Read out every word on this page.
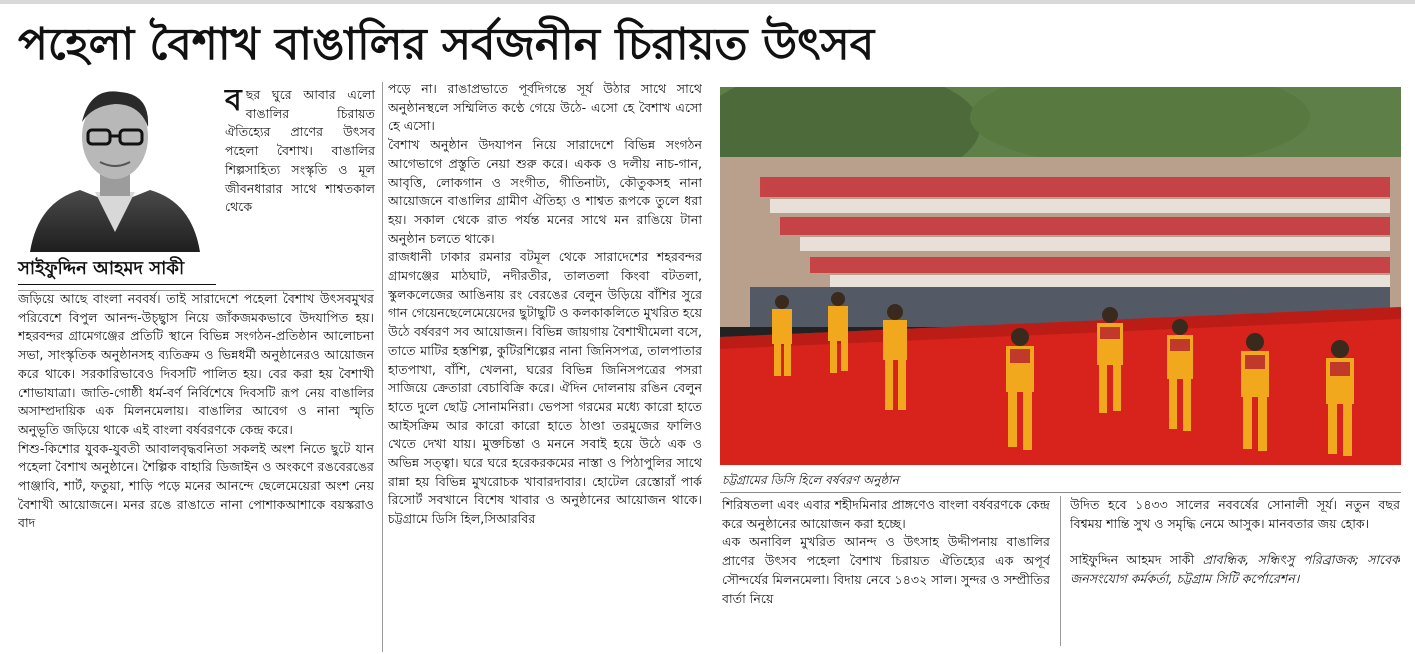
পহেলা বৈশাখ বাঙালির সর্বজনীন চিরায়ত উৎসব
সাইফুদ্দিন আহমদ সাকী
ব ছর ঘুরে আবার এলো বাঙালির চিরায়ত ঐতিহ্যের প্রাণের উৎসব পহেলা বৈশাখ। বাঙালির শিল্পসাহিত্য সংস্কৃতি ও মূল জীবনধারার সাথে শাশ্বতকাল থেকে

জড়িয়ে আছে বাংলা নববর্ষ। তাই সারাদেশে পহেলা বৈশাখ উৎসবমুখর পরিবেশে বিপুল আনন্দ-উচ্ছ্বাস নিয়ে জাঁকজমকভাবে উদযাপিত হয়। শহরবন্দর গ্রামেগঞ্জের প্রতিটি স্থানে বিভিন্ন সংগঠন-প্রতিষ্ঠান আলোচনা সভা, সাংস্কৃতিক অনুষ্ঠানসহ ব্যতিক্রম ও ভিন্নধর্মী অনুষ্ঠানেরও আয়োজন করে থাকে। সরকারিভাবেও দিবসটি পালিত হয়। বের করা হয় বৈশাখী শোভাযাত্রা। জাতি-গোষ্ঠী ধর্ম-বর্ণ নির্বিশেষে দিবসটি রূপ নেয় বাঙালির অসাম্প্রদায়িক এক মিলনমেলায়। বাঙালির আবেগ ও নানা স্মৃতি অনুভূতি জড়িয়ে থাকে এই বাংলা বর্ষবরণকে কেন্দ্র করে।

শিশু-কিশোর যুবক-যুবতী আবালবৃদ্ধবনিতা সকলই অংশ নিতে ছুটে যান পহেলা বৈশাখ অনুষ্ঠানে। শৈল্পিক বাহারি ডিজাইন ও অংকণে রঙবেরঙের পাঞ্জাবি, শার্ট, ফতুয়া, শাড়ি পড়ে মনের আনন্দে ছেলেমেয়েরা অংশ নেয় বৈশাখী আয়োজনে। মনর রঙে রাঙাতে নানা পোশাকআশাকে বয়স্করাও বাদ

পড়ে না। রাঙাপ্রভাতে পূর্বদিগন্তে সূর্য উঠার সাথে সাথে অনুষ্ঠানস্থলে সম্মিলিত কণ্ঠে গেয়ে উঠে- এসো হে বৈশাখ এসো হে এসো।

বৈশাখ অনুষ্ঠান উদযাপন নিয়ে সারাদেশে বিভিন্ন সংগঠন আগেভাগে প্রস্তুতি নেয়া শুরু করে। একক ও দলীয় নাচ-গান, আবৃত্তি, লোকগান ও সংগীত, গীতিনাট্য, কৌতুকসহ নানা আয়োজনে বাঙালির গ্রামীণ ঐতিহ্য ও শাশ্বত রূপকে তুলে ধরা হয়। সকাল থেকে রাত পর্যন্ত মনের সাথে মন রাঙিয়ে টানা অনুষ্ঠান চলতে থাকে।

রাজধানী ঢাকার রমনার বটমূল থেকে সারাদেশের শহরবন্দর গ্রামগঞ্জের মাঠঘাট, নদীরতীর, তালতলা কিংবা বটতলা, স্কুলকলেজের আঙিনায় রং বেরঙের বেলুন উড়িয়ে বাঁশির সুরে গান গেয়েনছেলেমেয়েদের ছুটাছুটি ও কলকাকলিতে মুখরিত হয়ে উঠে বর্ষবরণ সব আয়োজন। বিভিন্ন জায়গায় বৈশাখীমেলা বসে, তাতে মাটির হস্তশিল্প, কুটিরশিল্পের নানা জিনিসপত্র, তালপাতার হাতপাখা, বাঁশি, খেলনা, ঘরের বিভিন্ন জিনিসপত্রের পসরা সাজিয়ে ক্রেতারা বেচাবিক্রি করে। ঐদিন দোলনায় রঙিন বেলুন হাতে দুলে ছোট্ট সোনামনিরা। ভেপসা গরমের মধ্যে কারো হাতে আইসক্রিম আর কারো কারো হাতে ঠাণ্ডা তরমুজের ফালিও খেতে দেখা যায়। মুক্তচিন্তা ও মননে সবাই হয়ে উঠে এক ও অভিন্ন সত্ত্বা। ঘরে ঘরে হরেকরকমের নাস্তা ও পিঠাপুলির সাথে রান্না হয় বিভিন্ন মুখরোচক খাবারদাবার। হোটেল রেস্তোরাঁ পার্ক রিসোর্ট সবখানে বিশেষ খাবার ও অনুষ্ঠানের আয়োজন থাকে। চট্টগ্রামে ডিসি হিল,সিআরবির

চট্টগ্রামের ডিসি হিলে বর্ষবরণ অনুষ্ঠান

শিরিষতলা এবং এবার শহীদমিনার প্রাঙ্গণেও বাংলা বর্ষবরণকে কেন্দ্র করে অনুষ্ঠানের আয়োজন করা হচ্ছে।

এক অনাবিল মুখরিত আনন্দ ও উৎসাহ উদ্দীপনায় বাঙালির প্রাণের উৎসব পহেলা বৈশাখ চিরায়ত ঐতিহ্যের এক অপূর্ব সৌন্দর্যের মিলনমেলা। বিদায় নেবে ১৪৩২ সাল। সুন্দর ও সম্প্রীতির বার্তা নিয়ে

উদিত হবে ১৪৩৩ সালের নববর্ষের সোনালী সূর্য। নতুন বছর বিশ্বময় শান্তি সুখ ও সমৃদ্ধি নেমে আসুক। মানবতার জয় হোক।

সাইফুদ্দিন আহমদ সাকী প্রাবন্ধিক, সন্ধিৎসু পরিব্রাজক; সাবেক জনসংযোগ কর্মকর্তা, চট্টগ্রাম সিটি কর্পোরেশন।
